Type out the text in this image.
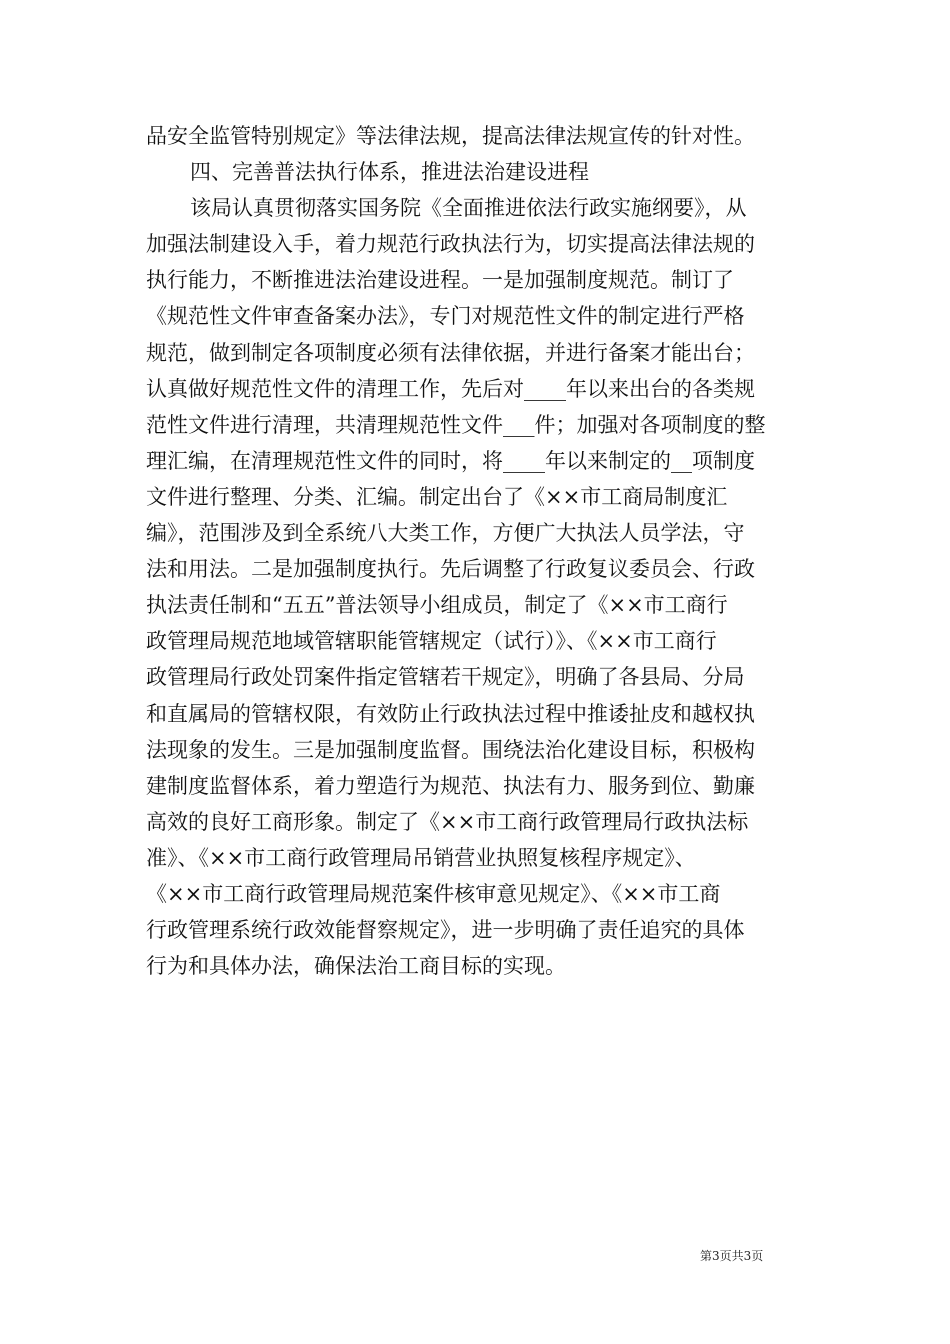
品安全监管特别规定》等法律法规，提高法律法规宣传的针对性。
四、完善普法执行体系，推进法治建设进程
该局认真贯彻落实国务院《全面推进依法行政实施纲要》，从
加强法制建设入手，着力规范行政执法行为，切实提高法律法规的
执行能力，不断推进法治建设进程。一是加强制度规范。制订了
《规范性文件审查备案办法》，专门对规范性文件的制定进行严格
规范，做到制定各项制度必须有法律依据，并进行备案才能出台；
认真做好规范性文件的清理工作，先后对____年以来出台的各类规
范性文件进行清理，共清理规范性文件___件；加强对各项制度的整
理汇编，在清理规范性文件的同时，将____年以来制定的__项制度
文件进行整理、分类、汇编。制定出台了《××市工商局制度汇
编》，范围涉及到全系统八大类工作，方便广大执法人员学法，守
法和用法。二是加强制度执行。先后调整了行政复议委员会、行政
执法责任制和“五五”普法领导小组成员，制定了《××市工商行
政管理局规范地域管辖职能管辖规定（试行）》、《××市工商行
政管理局行政处罚案件指定管辖若干规定》，明确了各县局、分局
和直属局的管辖权限，有效防止行政执法过程中推诿扯皮和越权执
法现象的发生。三是加强制度监督。围绕法治化建设目标，积极构
建制度监督体系，着力塑造行为规范、执法有力、服务到位、勤廉
高效的良好工商形象。制定了《××市工商行政管理局行政执法标
准》、《××市工商行政管理局吊销营业执照复核程序规定》、
《××市工商行政管理局规范案件核审意见规定》、《××市工商
行政管理系统行政效能督察规定》，进一步明确了责任追究的具体
行为和具体办法，确保法治工商目标的实现。
第3页共3页
